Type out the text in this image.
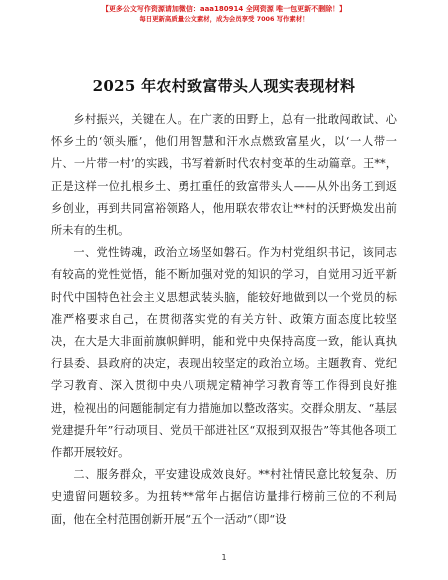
【更多公文写作资源请加微信：aaa180914 全网资源 唯一包更新不删除！】
每日更新高质量公文素材，成为会员享受 7006 写作素材！
2025 年农村致富带头人现实表现材料

乡村振兴，关键在人。在广袤的田野上，总有一批敢闯敢试、心怀乡土的‘领头雁’，他们用智慧和汗水点燃致富星火，以‘一人带一片、一片带一村’的实践，书写着新时代农村变革的生动篇章。王**，正是这样一位扎根乡土、勇扛重任的致富带头人——从外出务工到返乡创业，再到共同富裕领路人，他用联农带农让**村的沃野焕发出前所未有的生机。

一、党性铸魂，政治立场坚如磐石。作为村党组织书记，该同志有较高的党性觉悟，能不断加强对党的知识的学习，自觉用习近平新时代中国特色社会主义思想武装头脑，能较好地做到以一个党员的标准严格要求自己，在贯彻落实党的有关方针、政策方面态度比较坚决，在大是大非面前旗帜鲜明，能和党中央保持高度一致，能认真执行县委、县政府的决定，表现出较坚定的政治立场。主题教育、党纪学习教育、深入贯彻中央八项规定精神学习教育等工作得到良好推进，检视出的问题能制定有力措施加以整改落实。交群众朋友、“基层党建提升年”行动项目、党员干部进社区“双报到双报告”等其他各项工作都开展较好。

二、服务群众，平安建设成效良好。**村社情民意比较复杂、历史遗留问题较多。为扭转**常年占据信访量排行榜前三位的不利局面，他在全村范围创新开展“五个一活动”（即“设

1
